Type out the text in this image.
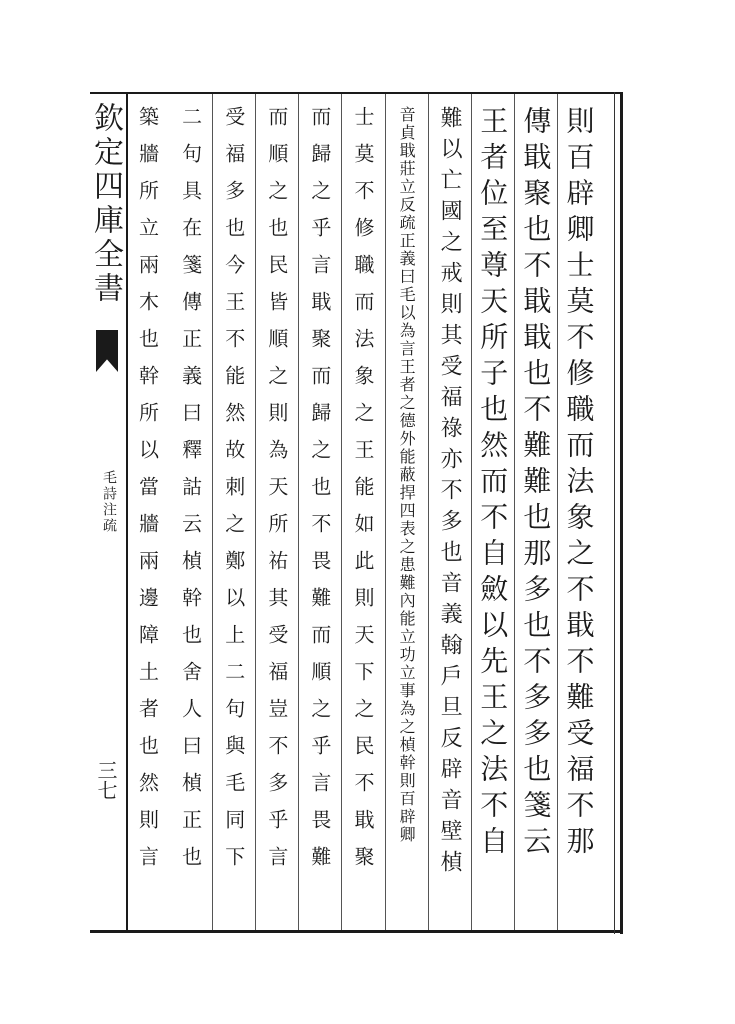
欽定四庫全書
毛詩注疏
三七	則百辟卿士莫不修職而法象之不戢不難受福不那
傳戢聚也不戢戢也不難難也那多也不多多也箋云
王者位至尊天所子也然而不自斂以先王之法不自
難以亡國之戒則其受福祿亦不多也音義翰戶旦反辟音壁楨
音貞戢莊立反疏正義曰毛以為言王者之德外能蔽捍四表之患難內能立功立事為之楨幹則百辟卿
士莫不修職而法象之王能如此則天下之民不戢聚
而歸之乎言戢聚而歸之也不畏難而順之乎言畏難
而順之也民皆順之則為天所祐其受福豈不多乎言
受福多也今王不能然故刺之鄭以上二句與毛同下
二句具在箋傳正義曰釋詁云楨幹也舍人曰楨正也
築牆所立兩木也幹所以當牆兩邊障土者也然則言
